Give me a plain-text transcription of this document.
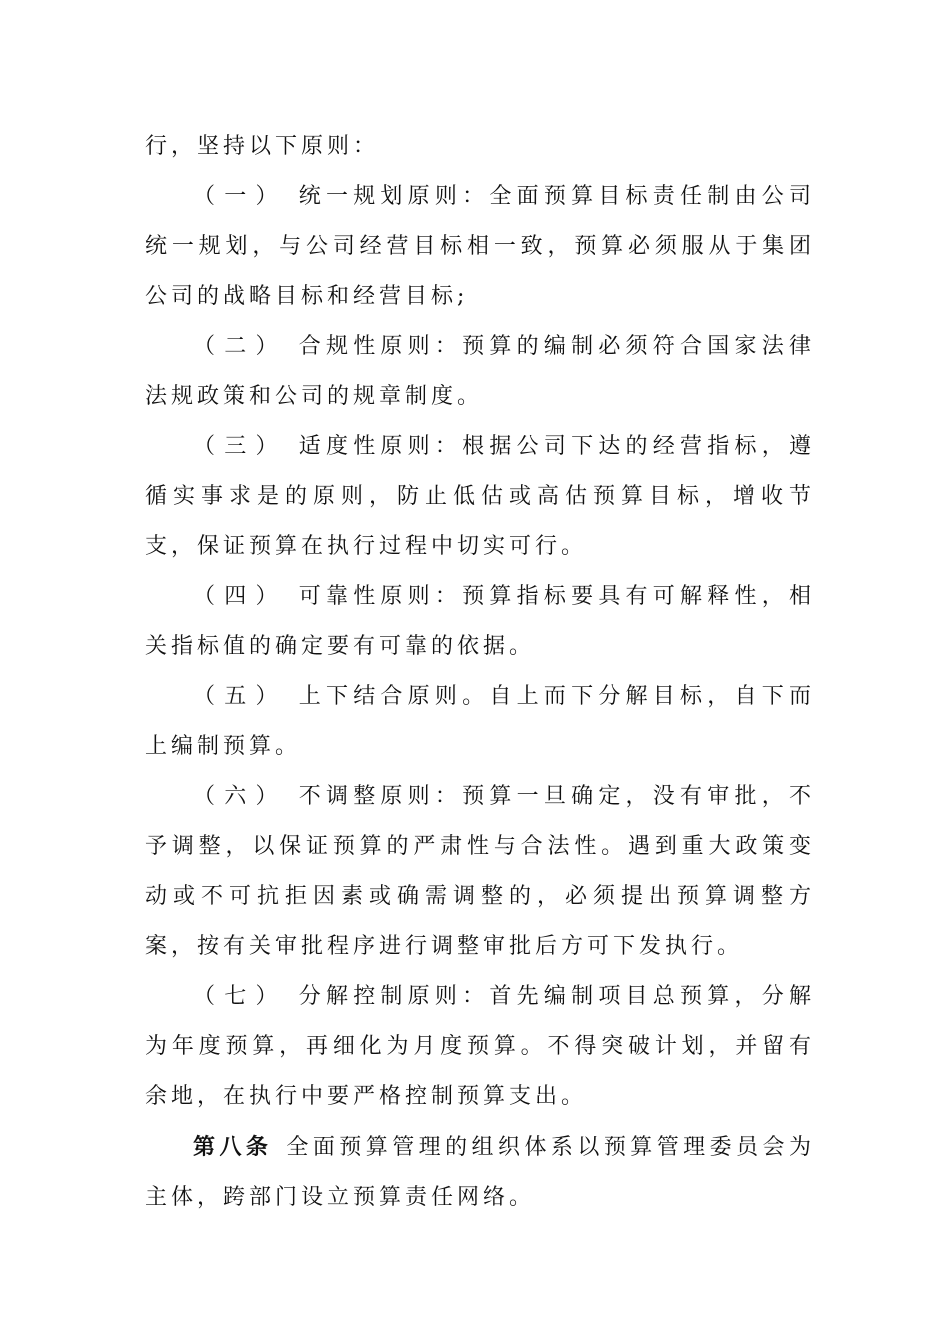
行，坚持以下原则：

（一） 统一规划原则：全面预算目标责任制由公司统一规划，与公司经营目标相一致，预算必须服从于集团公司的战略目标和经营目标;

（二） 合规性原则：预算的编制必须符合国家法律法规政策和公司的规章制度。

（三） 适度性原则：根据公司下达的经营指标，遵循实事求是的原则，防止低估或高估预算目标，增收节支，保证预算在执行过程中切实可行。

（四） 可靠性原则：预算指标要具有可解释性，相关指标值的确定要有可靠的依据。

（五） 上下结合原则。自上而下分解目标，自下而上编制预算。

（六） 不调整原则：预算一旦确定，没有审批，不予调整，以保证预算的严肃性与合法性。遇到重大政策变动或不可抗拒因素或确需调整的，必须提出预算调整方案，按有关审批程序进行调整审批后方可下发执行。

（七） 分解控制原则：首先编制项目总预算，分解为年度预算，再细化为月度预算。不得突破计划，并留有余地，在执行中要严格控制预算支出。

第八条 全面预算管理的组织体系以预算管理委员会为主体，跨部门设立预算责任网络。
